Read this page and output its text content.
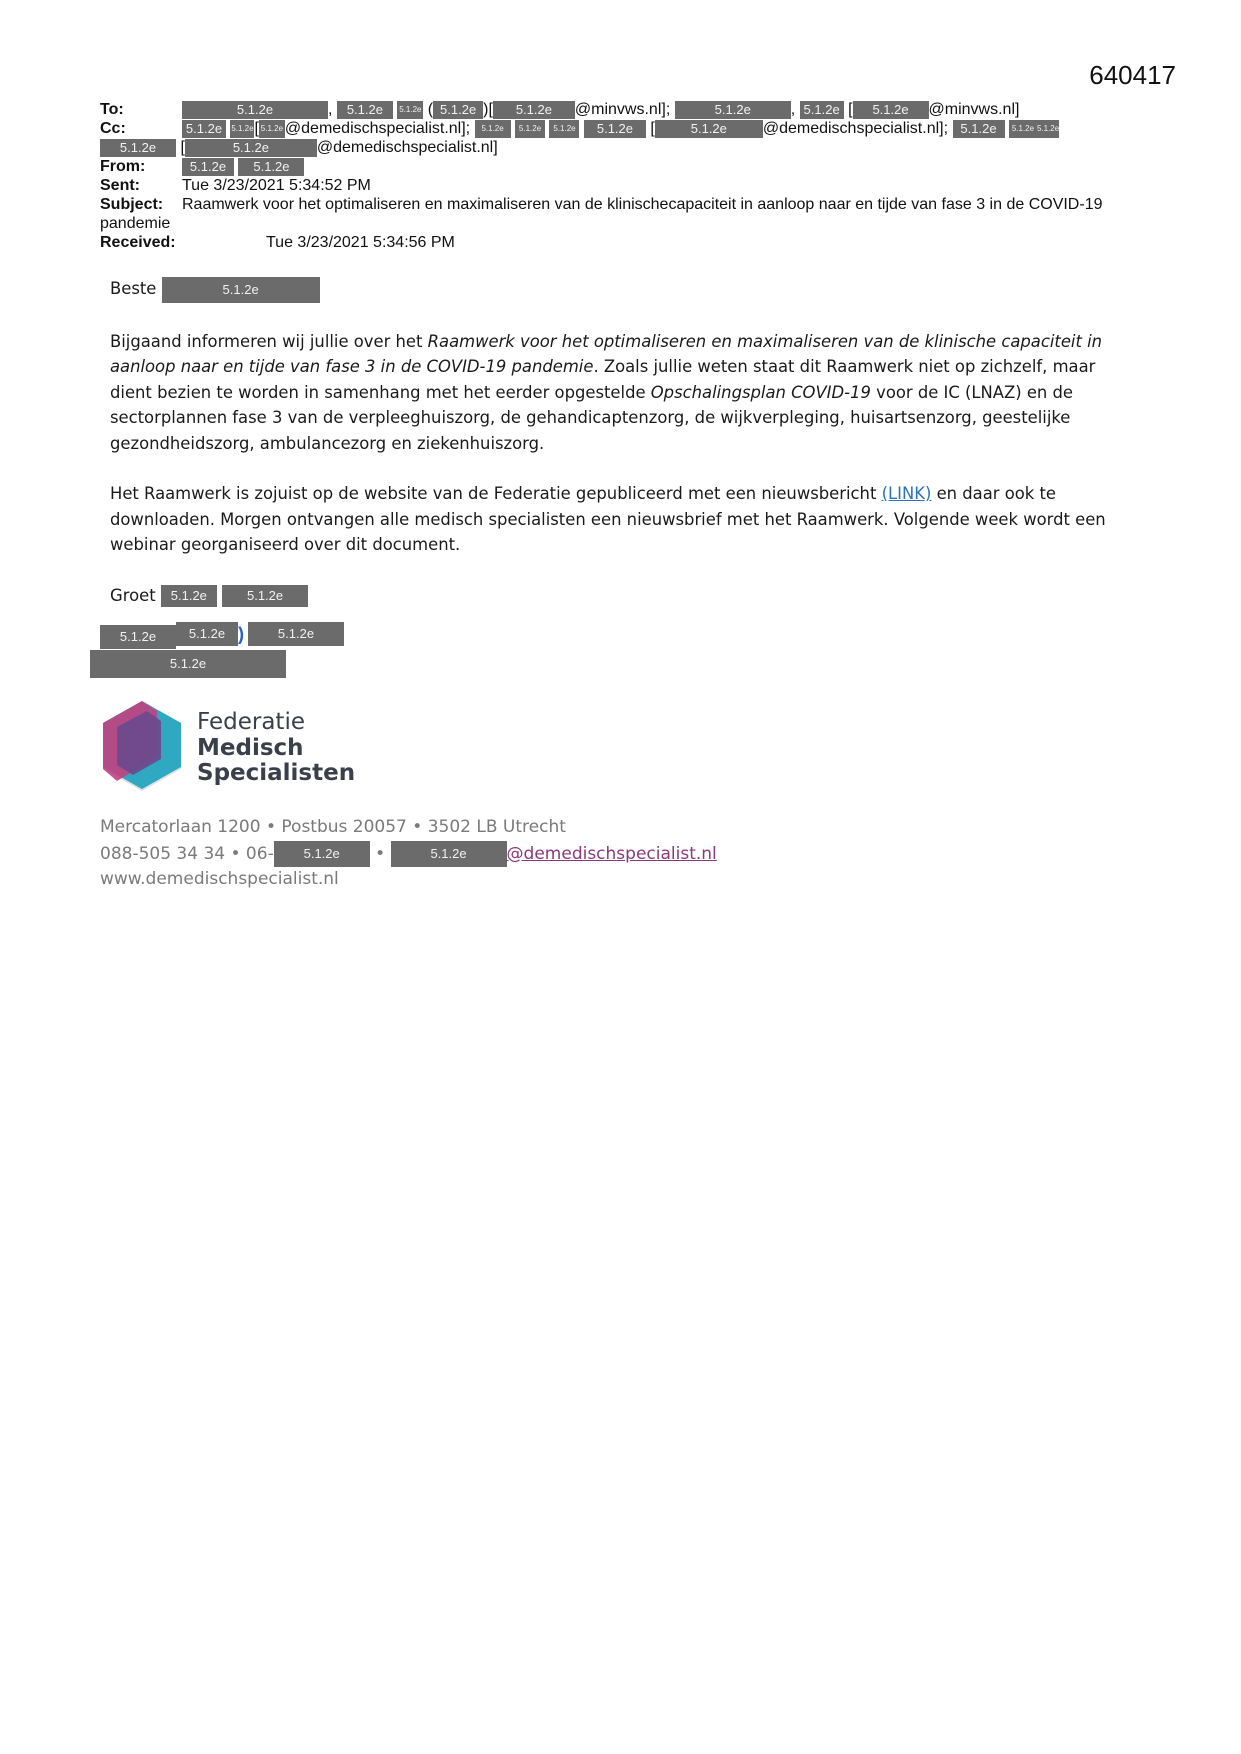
640417
To:	5.1.2e	, 5.1.2e 5.1.2e ( 5.1.2e )[ 5.1.2e @minvws.nl];	5.1.2e , 5.1.2e [ 5.1.2e @minvws.nl]
Cc:	5.1.2e 5.1.2e[ 5.1.2e @demedischspecialist.nl]; 5.1.2e 5.1.2e 5.1.2e 5.1.2e [	5.1.2e @demedischspecialist.nl]; 5.1.2e 5.1.2e 5.1.2e
5.1.2e [	5.1.2e	@demedischspecialist.nl]
From:	5.1.2e 5.1.2e
Sent:	Tue 3/23/2021 5:34:52 PM
Subject: Raamwerk voor het optimaliseren en maximaliseren van de klinischecapaciteit in aanloop naar en tijde van fase 3 in de COVID-19 pandemie
Received:	Tue 3/23/2021 5:34:56 PM
Beste	5.1.2e

Bijgaand informeren wij jullie over het Raamwerk voor het optimaliseren en maximaliseren van de klinische capaciteit in aanloop naar en tijde van fase 3 in de COVID-19 pandemie. Zoals jullie weten staat dit Raamwerk niet op zichzelf, maar dient bezien te worden in samenhang met het eerder opgestelde Opschalingsplan COVID-19 voor de IC (LNAZ) en de sectorplannen fase 3 van de verpleeghuiszorg, de gehandicaptenzorg, de wijkverpleging, huisartsenzorg, geestelijke gezondheidszorg, ambulancezorg en ziekenhuiszorg.

Het Raamwerk is zojuist op de website van de Federatie gepubliceerd met een nieuwsbericht (LINK) en daar ook te downloaden. Morgen ontvangen alle medisch specialisten een nieuwsbrief met het Raamwerk. Volgende week wordt een webinar georganiseerd over dit document.

Groet 5.1.2e	5.1.2e
5.1.2e	5.1.2e )	5.1.2e
5.1.2e
Federatie
Medisch
Specialisten
Mercatorlaan 1200 • Postbus 20057 • 3502 LB Utrecht
088-505 34 34 • 06- 5.1.2e •	5.1.2e @demedischspecialist.nl
www.demedischspecialist.nl
